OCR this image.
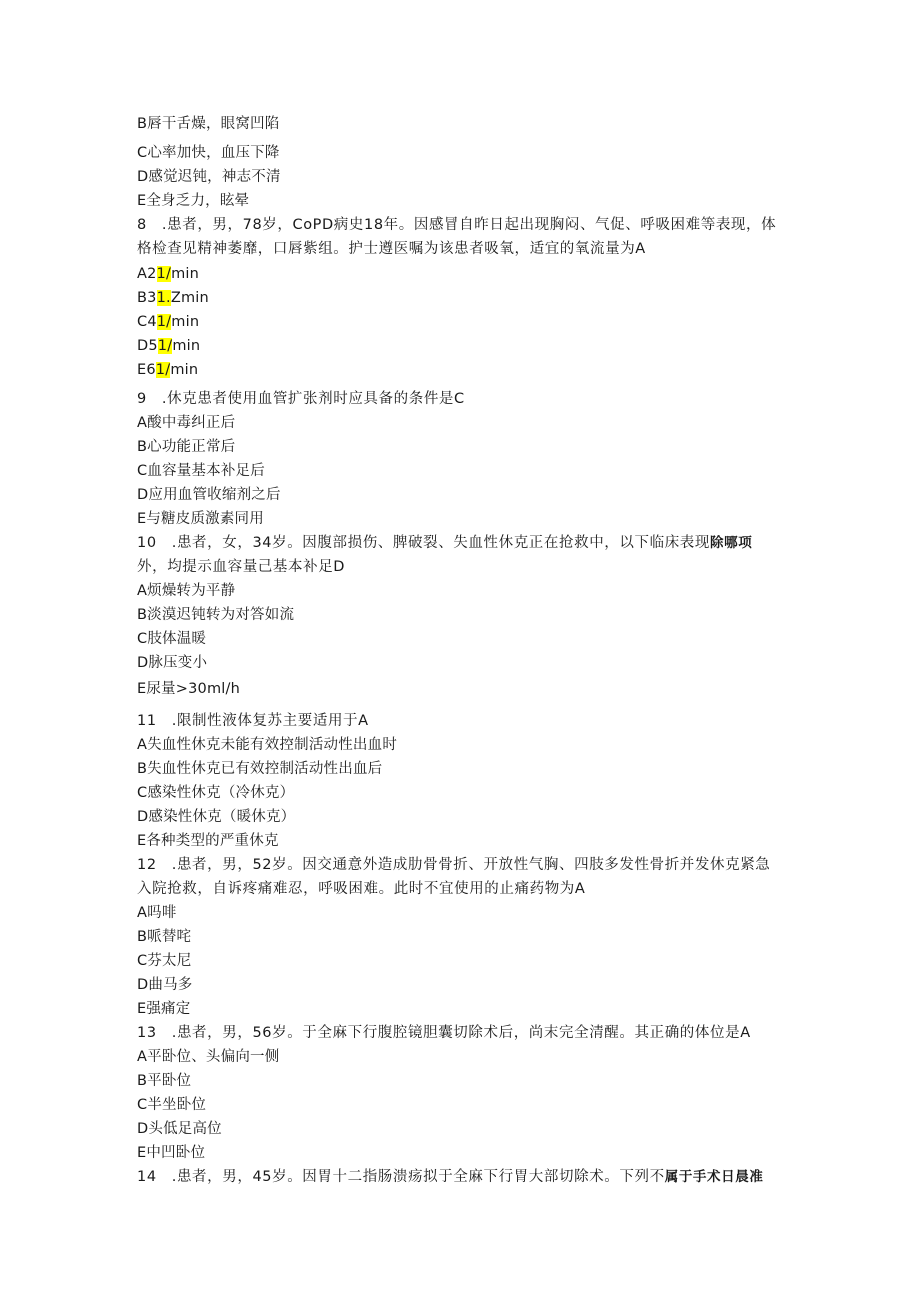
B唇干舌燥，眼窝凹陷
C心率加快，血压下降
D感觉迟钝，神志不清
E全身乏力，眩晕
8　.患者，男，78岁，CoPD病史18年。因感冒自昨日起出现胸闷、气促、呼吸困难等表现，体
格检查见精神萎靡，口唇紫组。护士遵医嘱为该患者吸氧，适宜的氧流量为A
A21∕min
B31.Zmin
C41∕min
D51∕min
E61∕min
9　.休克患者使用血管扩张剂时应具备的条件是C
A酸中毒纠正后
B心功能正常后
C血容量基本补足后
D应用血管收缩剂之后
E与糖皮质激素同用
10　.患者，女，34岁。因腹部损伤、脾破裂、失血性休克正在抢救中，以下临床表现除哪项
外，均提示血容量己基本补足D
A烦燥转为平静
B淡漠迟钝转为对答如流
C肢体温暖
D脉压变小
E尿量>30ml∕h
11　.限制性液体复苏主要适用于A
A失血性休克未能有效控制活动性出血时
B失血性休克已有效控制活动性出血后
C感染性休克（冷休克）
D感染性休克（暖休克）
E各种类型的严重休克
12　.患者，男，52岁。因交通意外造成肋骨骨折、开放性气胸、四肢多发性骨折并发休克紧急
入院抢救，自诉疼痛难忍，呼吸困难。此时不宜使用的止痛药物为A
A吗啡
B哌替咤
C芬太尼
D曲马多
E强痛定
13　.患者，男，56岁。于全麻下行腹腔镜胆囊切除术后，尚末完全清醒。其正确的体位是A
A平卧位、头偏向一侧
B平卧位
C半坐卧位
D头低足高位
E中凹卧位
14　.患者，男，45岁。因胃十二指肠溃疡拟于全麻下行胃大部切除术。下列不属于手术日晨准
